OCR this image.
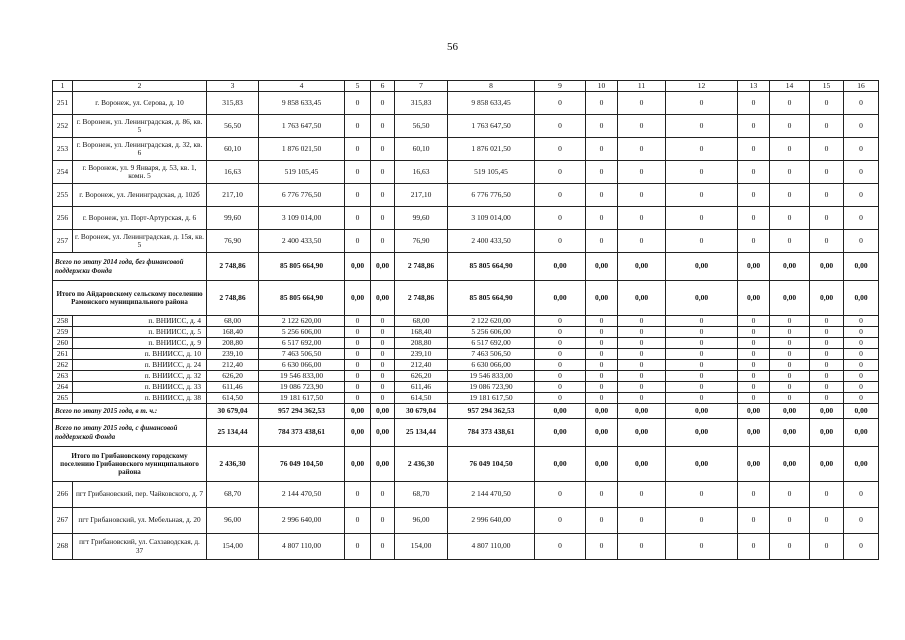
56
1	2	3	4	5	6	7	8	9	10	11	12	13	14	15	16
251	г. Воронеж, ул. Серова, д. 10	315,83	9 858 633,45	0	0	315,83	9 858 633,45	0	0	0	0	0	0	0	0
252	г. Воронеж, ул. Ленинградская, д. 86, кв. 5	56,50	1 763 647,50	0	0	56,50	1 763 647,50	0	0	0	0	0	0	0	0
253	г. Воронеж, ул. Ленинградская, д. 32, кв. 6	60,10	1 876 021,50	0	0	60,10	1 876 021,50	0	0	0	0	0	0	0	0
254	г. Воронеж, ул. 9 Января, д. 53, кв. 1, комн. 5	16,63	519 105,45	0	0	16,63	519 105,45	0	0	0	0	0	0	0	0
255	г. Воронеж, ул. Ленинградская, д. 102б	217,10	6 776 776,50	0	0	217,10	6 776 776,50	0	0	0	0	0	0	0	0
256	г. Воронеж, ул. Порт-Артурская, д. 6	99,60	3 109 014,00	0	0	99,60	3 109 014,00	0	0	0	0	0	0	0	0
257	г. Воронеж, ул. Ленинградская, д. 15я, кв. 5	76,90	2 400 433,50	0	0	76,90	2 400 433,50	0	0	0	0	0	0	0	0
Всего по этапу 2014 года, без финансовой поддержки Фонда		2 748,86	85 805 664,90	0,00	0,00	2 748,86	85 805 664,90	0,00	0,00	0,00	0,00	0,00	0,00	0,00	0,00
Итого по Айдаровскому сельскому поселению Рамонского муниципального района		2 748,86	85 805 664,90	0,00	0,00	2 748,86	85 805 664,90	0,00	0,00	0,00	0,00	0,00	0,00	0,00	0,00
258	п. ВНИИСС, д. 4	68,00	2 122 620,00	0	0	68,00	2 122 620,00	0	0	0	0	0	0	0	0
259	п. ВНИИСС, д. 5	168,40	5 256 606,00	0	0	168,40	5 256 606,00	0	0	0	0	0	0	0	0
260	п. ВНИИСС, д. 9	208,80	6 517 692,00	0	0	208,80	6 517 692,00	0	0	0	0	0	0	0	0
261	п. ВНИИСС, д. 10	239,10	7 463 506,50	0	0	239,10	7 463 506,50	0	0	0	0	0	0	0	0
262	п. ВНИИСС, д. 24	212,40	6 630 066,00	0	0	212,40	6 630 066,00	0	0	0	0	0	0	0	0
263	п. ВНИИСС, д. 32	626,20	19 546 833,00	0	0	626,20	19 546 833,00	0	0	0	0	0	0	0	0
264	п. ВНИИСС, д. 33	611,46	19 086 723,90	0	0	611,46	19 086 723,90	0	0	0	0	0	0	0	0
265	п. ВНИИСС, д. 38	614,50	19 181 617,50	0	0	614,50	19 181 617,50	0	0	0	0	0	0	0	0
Всего по этапу 2015 года, в т. ч.:		30 679,04	957 294 362,53	0,00	0,00	30 679,04	957 294 362,53	0,00	0,00	0,00	0,00	0,00	0,00	0,00	0,00
Всего по этапу 2015 года, с финансовой поддержкой Фонда		25 134,44	784 373 438,61	0,00	0,00	25 134,44	784 373 438,61	0,00	0,00	0,00	0,00	0,00	0,00	0,00	0,00
Итого по Грибановскому городскому поселению Грибановского муниципального района		2 436,30	76 049 104,50	0,00	0,00	2 436,30	76 049 104,50	0,00	0,00	0,00	0,00	0,00	0,00	0,00	0,00
266	пгт Грибановский, пер. Чайковского, д. 7	68,70	2 144 470,50	0	0	68,70	2 144 470,50	0	0	0	0	0	0	0	0
267	пгт Грибановский, ул. Мебельная, д. 20	96,00	2 996 640,00	0	0	96,00	2 996 640,00	0	0	0	0	0	0	0	0
268	пгт Грибановский, ул. Сахзаводская, д. 37	154,00	4 807 110,00	0	0	154,00	4 807 110,00	0	0	0	0	0	0	0	0
